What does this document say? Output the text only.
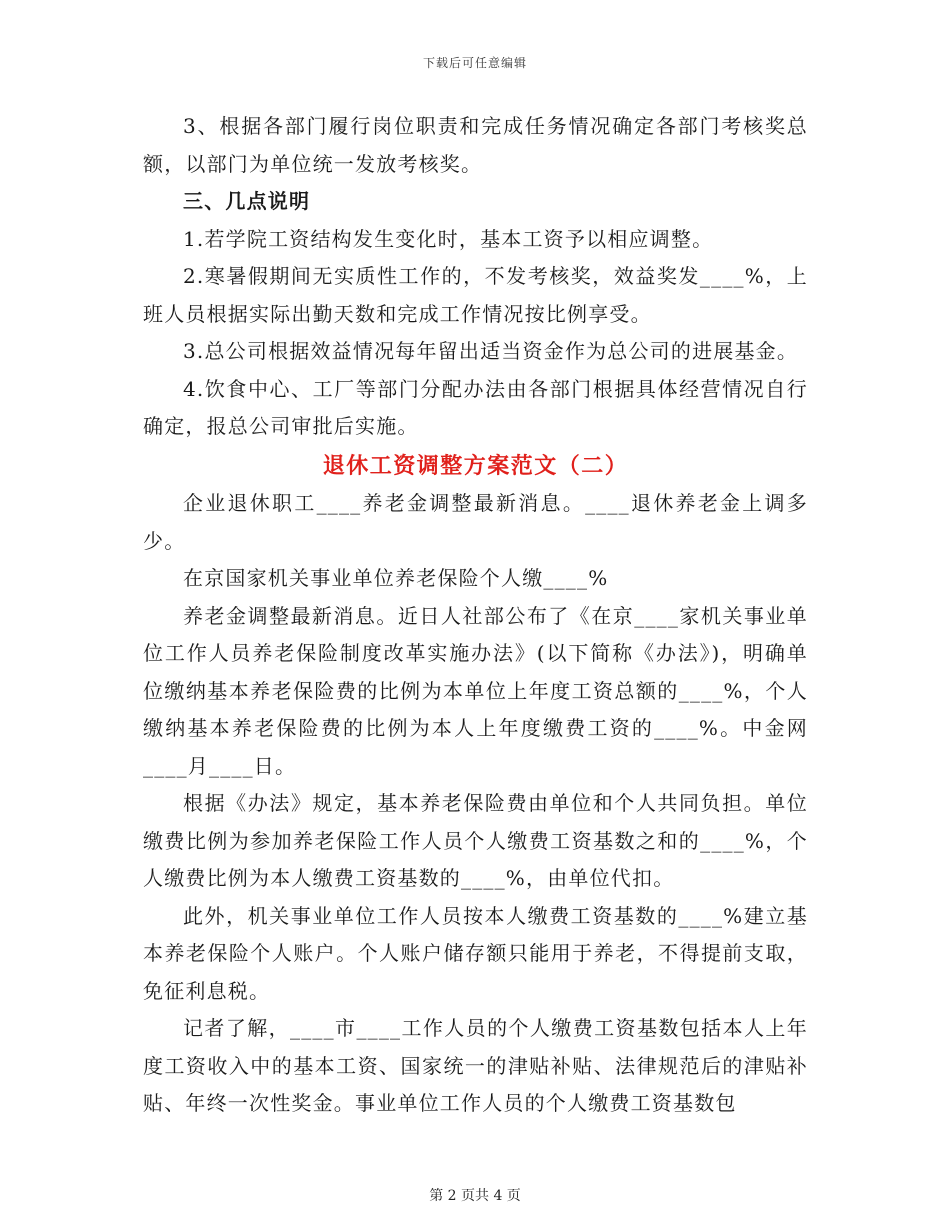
下载后可任意编辑

3、根据各部门履行岗位职责和完成任务情况确定各部门考核奖总额，以部门为单位统一发放考核奖。

三、几点说明

1.若学院工资结构发生变化时，基本工资予以相应调整。

2.寒暑假期间无实质性工作的，不发考核奖，效益奖发____%，上班人员根据实际出勤天数和完成工作情况按比例享受。

3.总公司根据效益情况每年留出适当资金作为总公司的进展基金。

4.饮食中心、工厂等部门分配办法由各部门根据具体经营情况自行确定，报总公司审批后实施。

退休工资调整方案范文（二）

企业退休职工____养老金调整最新消息。____退休养老金上调多少。

在京国家机关事业单位养老保险个人缴____%

养老金调整最新消息。近日人社部公布了《在京____家机关事业单位工作人员养老保险制度改革实施办法》(以下简称《办法》)，明确单位缴纳基本养老保险费的比例为本单位上年度工资总额的____%，个人缴纳基本养老保险费的比例为本人上年度缴费工资的____%。中金网____月____日。

根据《办法》规定，基本养老保险费由单位和个人共同负担。单位缴费比例为参加养老保险工作人员个人缴费工资基数之和的____%，个人缴费比例为本人缴费工资基数的____%，由单位代扣。

此外，机关事业单位工作人员按本人缴费工资基数的____%建立基本养老保险个人账户。个人账户储存额只能用于养老，不得提前支取，免征利息税。

记者了解，____市____工作人员的个人缴费工资基数包括本人上年度工资收入中的基本工资、国家统一的津贴补贴、法律规范后的津贴补贴、年终一次性奖金。事业单位工作人员的个人缴费工资基数包

第 2 页共 4 页
